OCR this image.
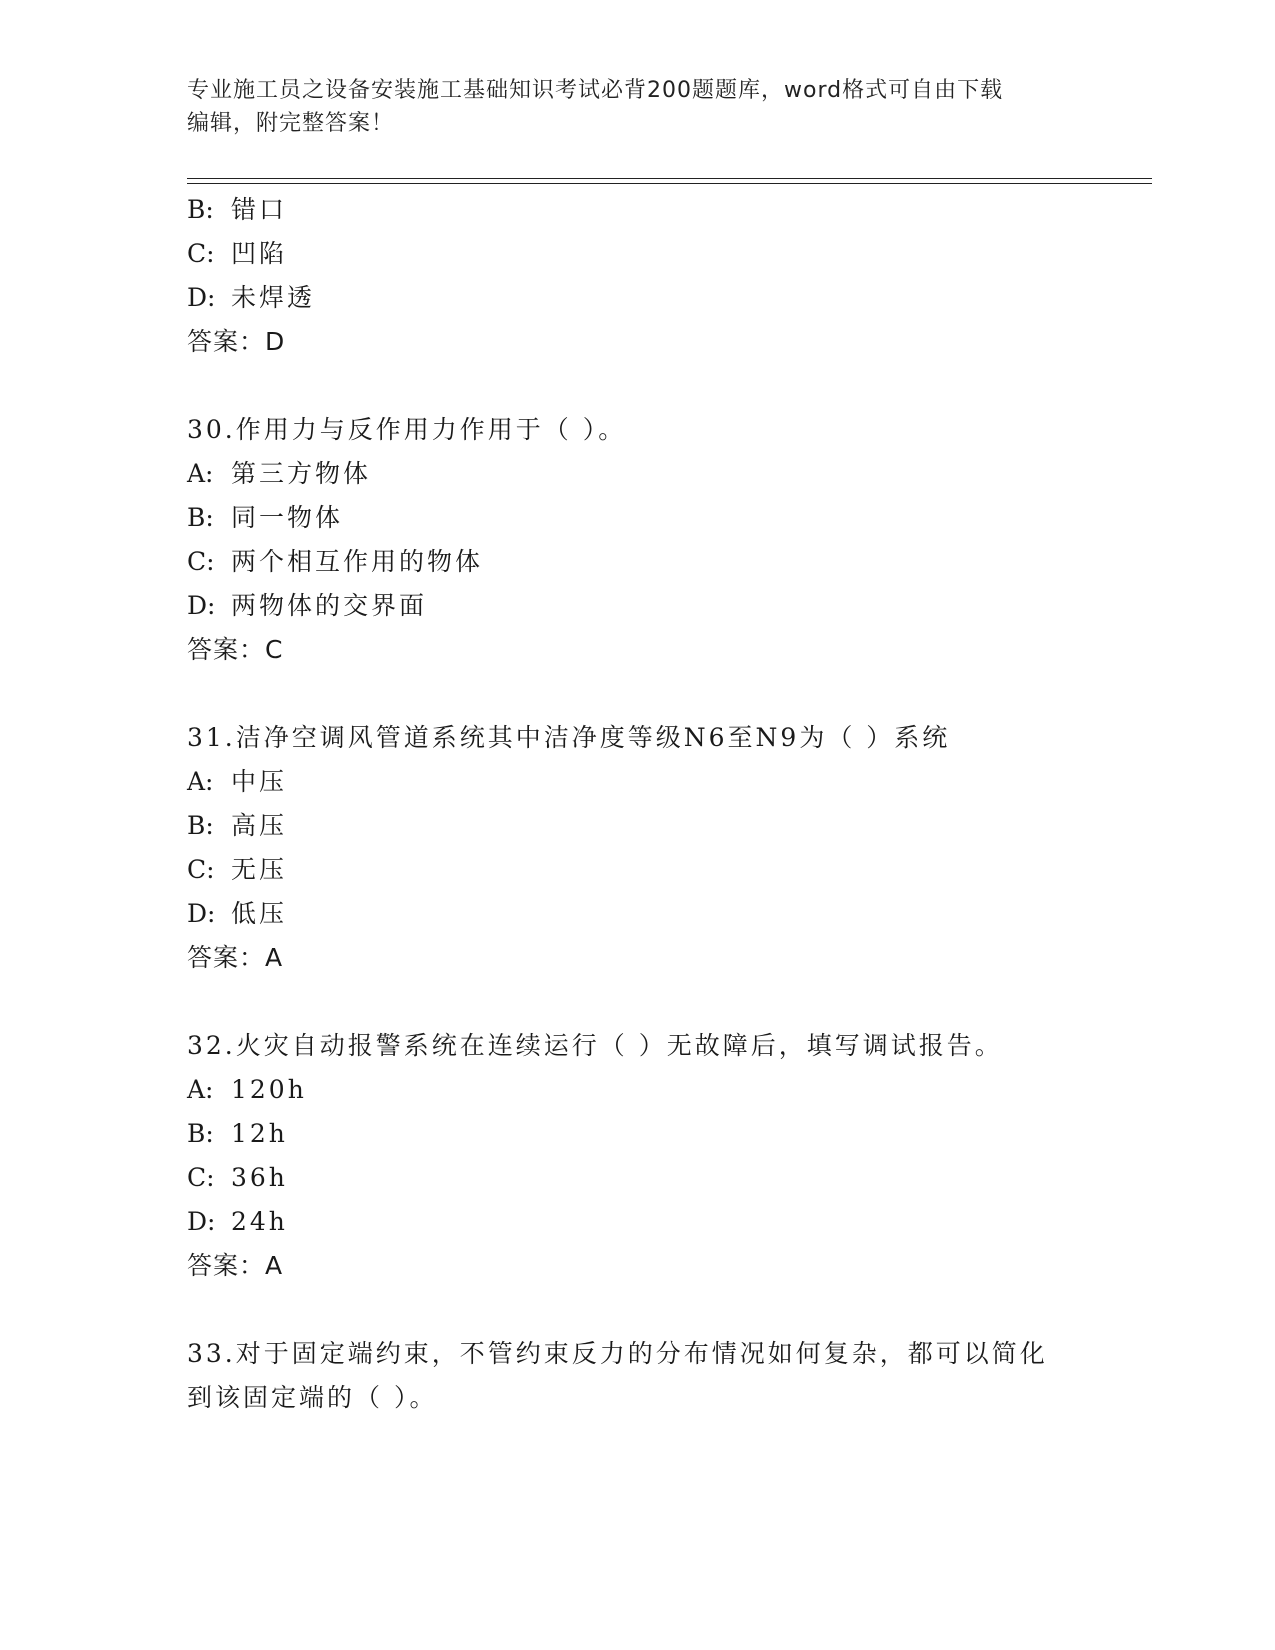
专业施工员之设备安装施工基础知识考试必背200题题库，word格式可自由下载
编辑，附完整答案！
B: 错口
C: 凹陷
D: 未焊透
答案：D
30.作用力与反作用力作用于（ ）。
A: 第三方物体
B: 同一物体
C: 两个相互作用的物体
D: 两物体的交界面
答案：C
31.洁净空调风管道系统其中洁净度等级N6至N9为（ ）系统
A: 中压
B: 高压
C: 无压
D: 低压
答案：A
32.火灾自动报警系统在连续运行（ ）无故障后，填写调试报告。
A: 120h
B: 12h
C: 36h
D: 24h
答案：A
33.对于固定端约束，不管约束反力的分布情况如何复杂，都可以简化
到该固定端的（ ）。
